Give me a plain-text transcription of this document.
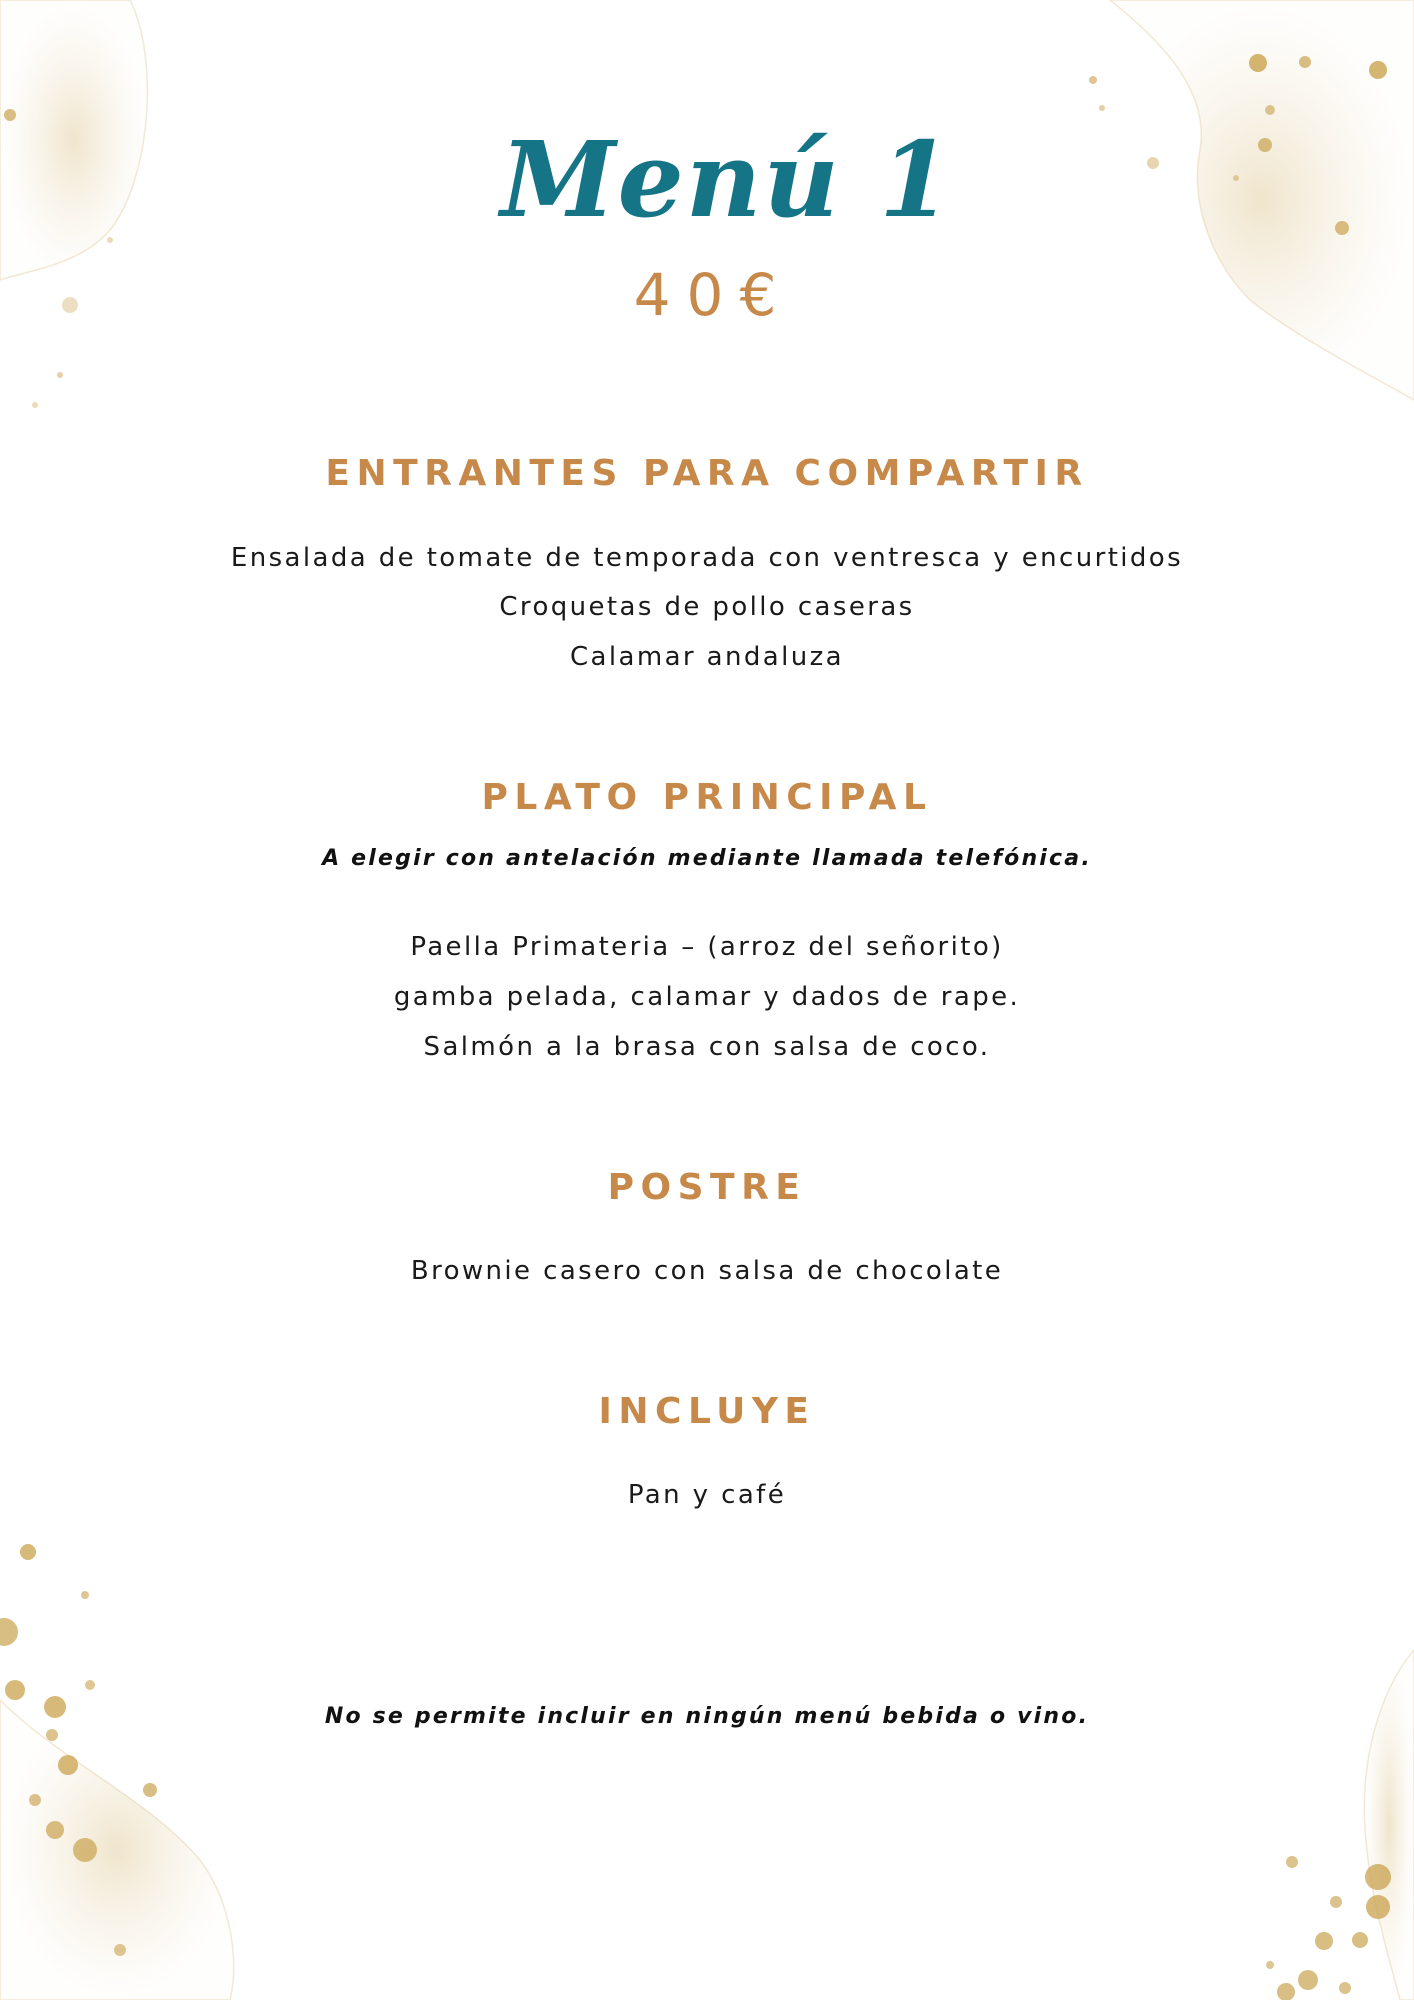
Menú 1
40€
ENTRANTES PARA COMPARTIR
Ensalada de tomate de temporada con ventresca y encurtidos
Croquetas de pollo caseras
Calamar andaluza
PLATO PRINCIPAL
A elegir con antelación mediante llamada telefónica.
Paella Primateria – (arroz del señorito)
gamba pelada, calamar y dados de rape.
Salmón a la brasa con salsa de coco.
POSTRE
Brownie casero con salsa de chocolate
INCLUYE
Pan y café
No se permite incluir en ningún menú bebida o vino.
